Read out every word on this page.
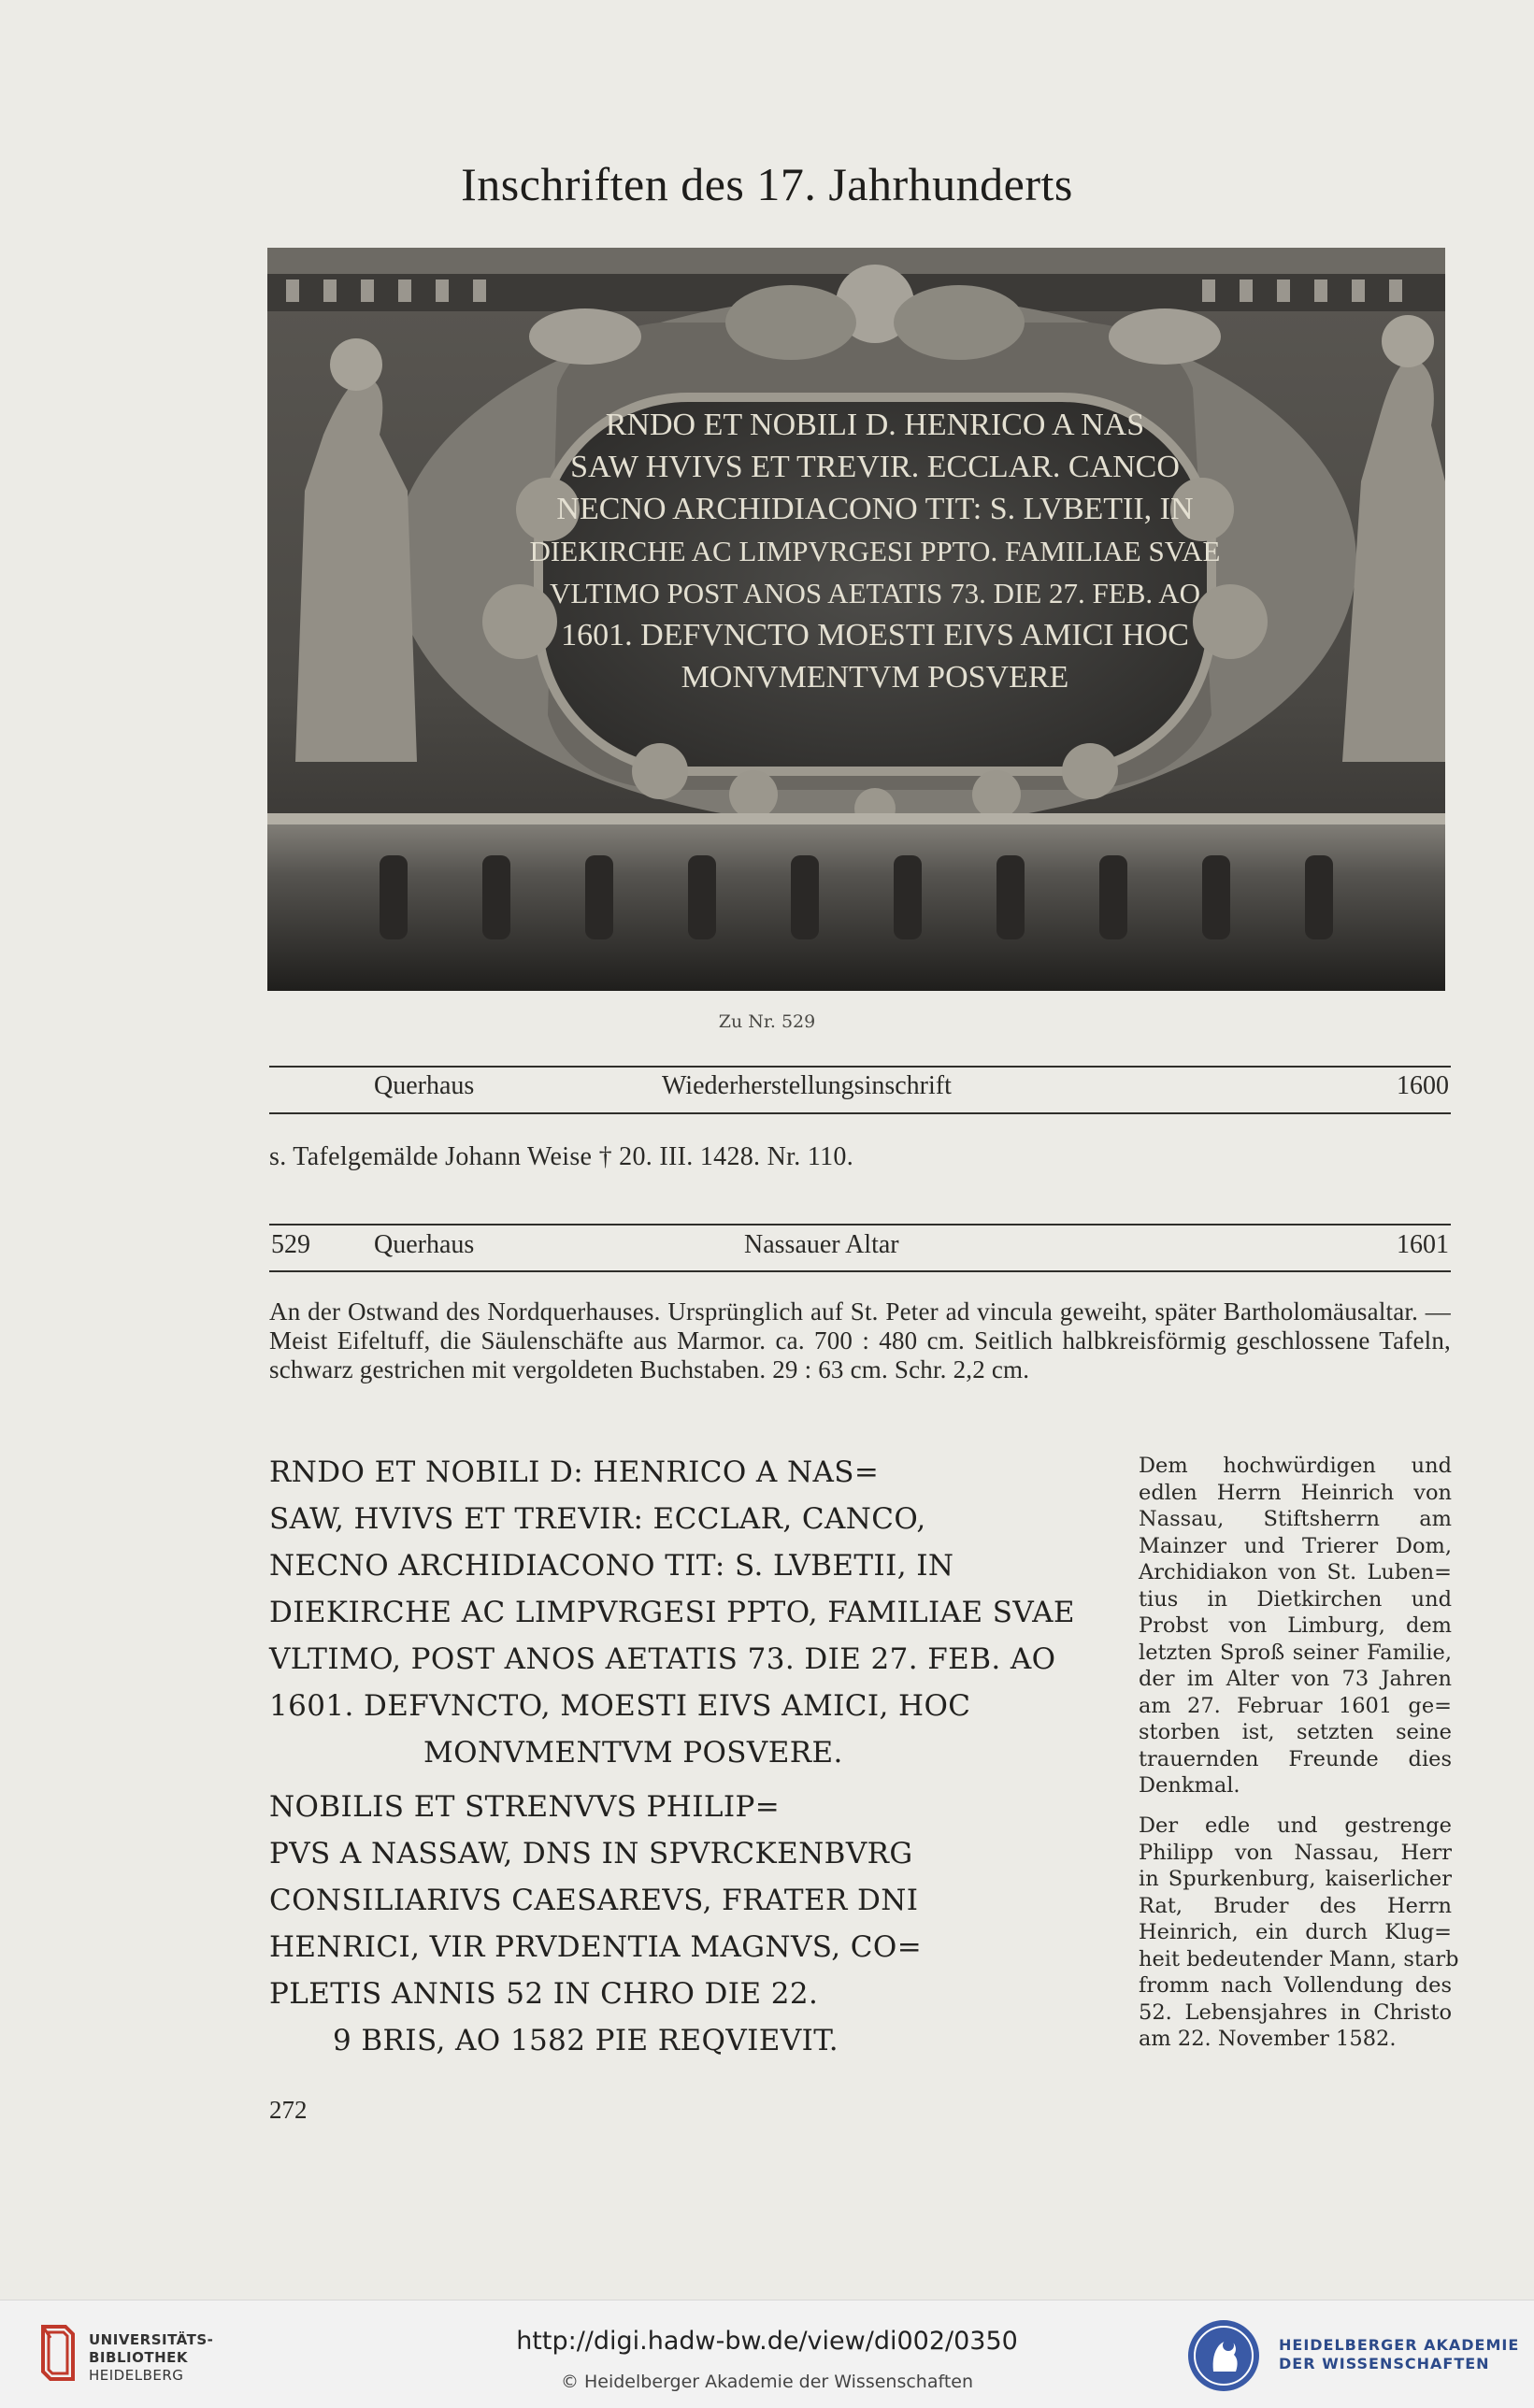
Inschriften des 17. Jahrhunderts
RNDO ET NOBILI D. HENRICO A NAS
SAW HVIVS ET TREVIR. ECCLAR. CANCO
NECNO ARCHIDIACONO TIT: S. LVBETII, IN
DIEKIRCHE AC LIMPVRGESI PPTO. FAMILIAE SVAE
VLTIMO POST ANOS AETATIS 73. DIE 27. FEB. AO
1601. DEFVNCTO MOESTI EIVS AMICI HOC
MONVMENTVM POSVERE
Zu Nr. 529
Querhaus	Wiederherstellungsinschrift	1600
s. Tafelgemälde Johann Weise † 20. III. 1428. Nr. 110.
529 Querhaus	Nassauer Altar	1601
An der Ostwand des Nordquerhauses. Ursprünglich auf St. Peter ad vincula geweiht, später Bartholomäusaltar. — Meist Eifeltuff, die Säulenschäfte aus Marmor. ca. 700 : 480 cm. Seitlich halbkreisförmig geschlossene Tafeln, schwarz gestrichen mit vergoldeten Buchstaben. 29 : 63 cm. Schr. 2,2 cm.
RNDO ET NOBILI D: HENRICO A NAS=
SAW, HVIVS ET TREVIR: ECCLAR, CANCO,
NECNO ARCHIDIACONO TIT: S. LVBETII, IN
DIEKIRCHE AC LIMPVRGESI PPTO, FAMILIAE SVAE
VLTIMO, POST ANOS AETATIS 73. DIE 27. FEB. AO
1601. DEFVNCTO, MOESTI EIVS AMICI, HOC
MONVMENTVM POSVERE.
Dem hochwürdigen und
edlen Herrn Heinrich von
Nassau, Stiftsherrn am
Mainzer und Trierer Dom,
Archidiakon von St. Luben=
tius in Dietkirchen und
Probst von Limburg, dem
letzten Sproß seiner Familie,
der im Alter von 73 Jahren
am 27. Februar 1601 ge=
storben ist, setzten seine
trauernden Freunde dies
Denkmal.
NOBILIS ET STRENVVS PHILIP=
PVS A NASSAW, DNS IN SPVRCKENBVRG
CONSILIARIVS CAESAREVS, FRATER DNI
HENRICI, VIR PRVDENTIA MAGNVS, CO=
PLETIS ANNIS 52 IN CHRO DIE 22.
9 BRIS, AO 1582 PIE REQVIEVIT.
Der edle und gestrenge
Philipp von Nassau, Herr
in Spurkenburg, kaiserlicher
Rat, Bruder des Herrn
Heinrich, ein durch Klug=
heit bedeutender Mann, starb
fromm nach Vollendung des
52. Lebensjahres in Christo
am 22. November 1582.
272
UNIVERSITÄTS-
BIBLIOTHEK
HEIDELBERG
http://digi.hadw-bw.de/view/di002/0350
© Heidelberger Akademie der Wissenschaften
HEIDELBERGER AKADEMIE
DER WISSENSCHAFTEN
